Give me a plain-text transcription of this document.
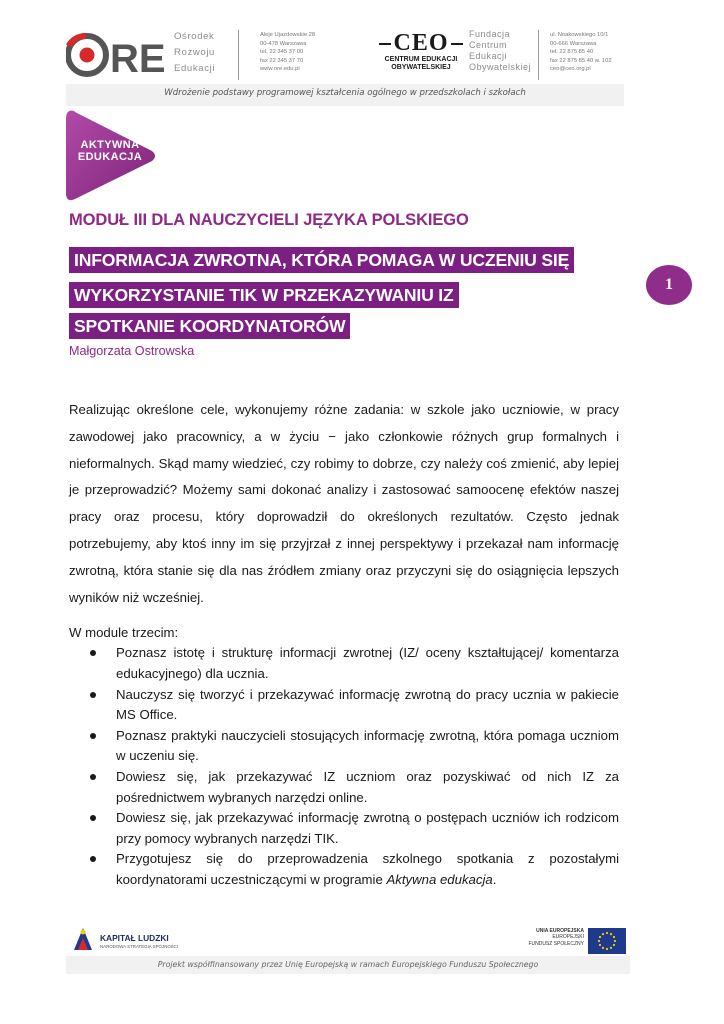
RE
Ośrodek
Rozwoju
Edukacji
Aleje Ujazdowskie 28
00-478 Warszawa
tel. 22 345 37 00
fax 22 345 37 70
www.ore.edu.pl
CEO
CENTRUM EDUKACJI
OBYWATELSKIEJ
Fundacja
Centrum
Edukacji
Obywatelskiej
ul. Noakowskiego 10/1
00-666 Warszawa
tel. 22 875 85 40
fax 22 875 85 40 w. 102
ceo@ceo.org.pl
Wdrożenie podstawy programowej kształcenia ogólnego w przedszkolach i szkołach
AKTYWNA
EDUKACJA
MODUŁ III DLA NAUCZYCIELI JĘZYKA POLSKIEGO
INFORMACJA ZWROTNA, KTÓRA POMAGA W UCZENIU SIĘ
WYKORZYSTANIE TIK W PRZEKAZYWANIU IZ
SPOTKANIE KOORDYNATORÓW
Małgorzata Ostrowska
1

Realizując określone cele, wykonujemy różne zadania: w szkole jako uczniowie, w pracy zawodowej jako pracownicy, a w życiu − jako członkowie różnych grup formalnych i nieformalnych. Skąd mamy wiedzieć, czy robimy to dobrze, czy należy coś zmienić, aby lepiej je przeprowadzić? Możemy sami dokonać analizy i zastosować samoocenę efektów naszej pracy oraz procesu, który doprowadził do określonych rezultatów. Często jednak potrzebujemy, aby ktoś inny im się przyjrzał z innej perspektywy i przekazał nam informację zwrotną, która stanie się dla nas źródłem zmiany oraz przyczyni się do osiągnięcia lepszych wyników niż wcześniej.

W module trzecim:

Poznasz istotę i strukturę informacji zwrotnej (IZ/ oceny kształtującej/ komentarza edukacyjnego) dla ucznia.
Nauczysz się tworzyć i przekazywać informację zwrotną do pracy ucznia w pakiecie MS Office.
Poznasz praktyki nauczycieli stosujących informację zwrotną, która pomaga uczniom w uczeniu się.
Dowiesz się, jak przekazywać IZ uczniom oraz pozyskiwać od nich IZ za pośrednictwem wybranych narzędzi online.
Dowiesz się, jak przekazywać informację zwrotną o postępach uczniów ich rodzicom przy pomocy wybranych narzędzi TIK.
Przygotujesz się do przeprowadzenia szkolnego spotkania z pozostałymi koordynatorami uczestniczącymi w programie Aktywna edukacja.
KAPITAŁ LUDZKI
NARODOWA STRATEGIA SPÓJNOŚCI
UNIA EUROPEJSKA
EUROPEJSKI
FUNDUSZ SPOŁECZNY
Projekt współfinansowany przez Unię Europejską w ramach Europejskiego Funduszu Społecznego
